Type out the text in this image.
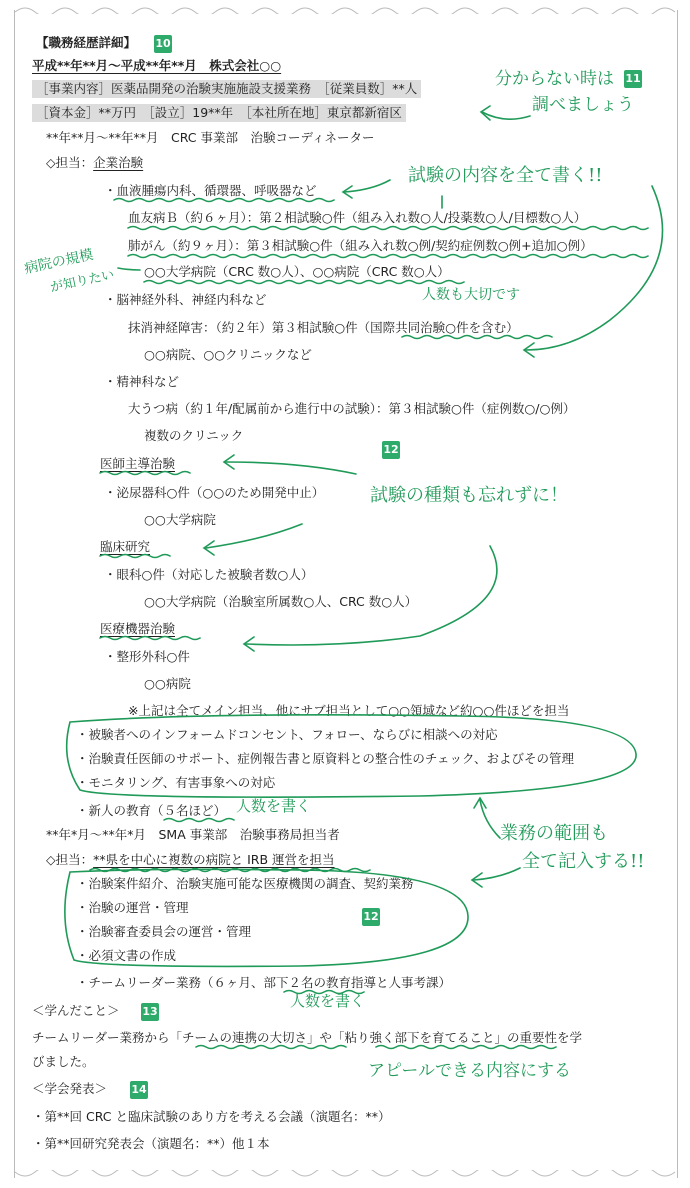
【職務経歴詳細】 10
平成**年**月～平成**年**月　株式会社○○
［事業内容］医薬品開発の治験実施施設支援業務　［従業員数］**人
［資本金］**万円　［設立］19**年　［本社所在地］東京都新宿区
**年**月～**年**月　CRC 事業部　治験コーディネーター
◇担当：企業治験
・血液腫瘍内科、循環器、呼吸器など
血友病Ｂ（約６ヶ月）：第２相試験○件（組み入れ数○人/投薬数○人/目標数○人）
肺がん（約９ヶ月）：第３相試験○件（組み入れ数○例/契約症例数○例+追加○例）
○○大学病院（CRC 数○人）、○○病院（CRC 数○人）
・脳神経外科、神経内科など
抹消神経障害：（約２年）第３相試験○件（国際共同治験○件を含む）
○○病院、○○クリニックなど
・精神科など
大うつ病（約１年/配属前から進行中の試験）：第３相試験○件（症例数○/○例）
複数のクリニック
医師主導治験
12
・泌尿器科○件（○○のため開発中止）
○○大学病院
臨床研究
・眼科○件（対応した被験者数○人）
○○大学病院（治験室所属数○人、CRC 数○人）
医療機器治験
・整形外科○件
○○病院
※上記は全てメイン担当、他にサブ担当として○○領域など約○○件ほどを担当
・被験者へのインフォームドコンセント、フォロー、ならびに相談への対応
・治験責任医師のサポート、症例報告書と原資料との整合性のチェック、およびその管理
・モニタリング、有害事象への対応
・新人の教育（５名ほど）
**年*月～**年*月　SMA 事業部　治験事務局担当者
◇担当：**県を中心に複数の病院と IRB 運営を担当
・治験案件紹介、治験実施可能な医療機関の調査、契約業務
・治験の運営・管理
12
・治験審査委員会の運営・管理
・必須文書の作成
・チームリーダー業務（６ヶ月、部下２名の教育指導と人事考課）
＜学んだこと＞ 13
チームリーダー業務から「チームの連携の大切さ」や「粘り強く部下を育てること」の重要性を学
びました。
＜学会発表＞ 14
・第**回 CRC と臨床試験のあり方を考える会議（演題名：**）
・第**回研究発表会（演題名：**）他１本
分からない時は 11
調べましょう
試験の内容を全て書く!!
病院の規模
が知りたい	人数も大切です
試験の種類も忘れずに！
人数を書く
業務の範囲も
全て記入する!!
人数を書く
アピールできる内容にする
